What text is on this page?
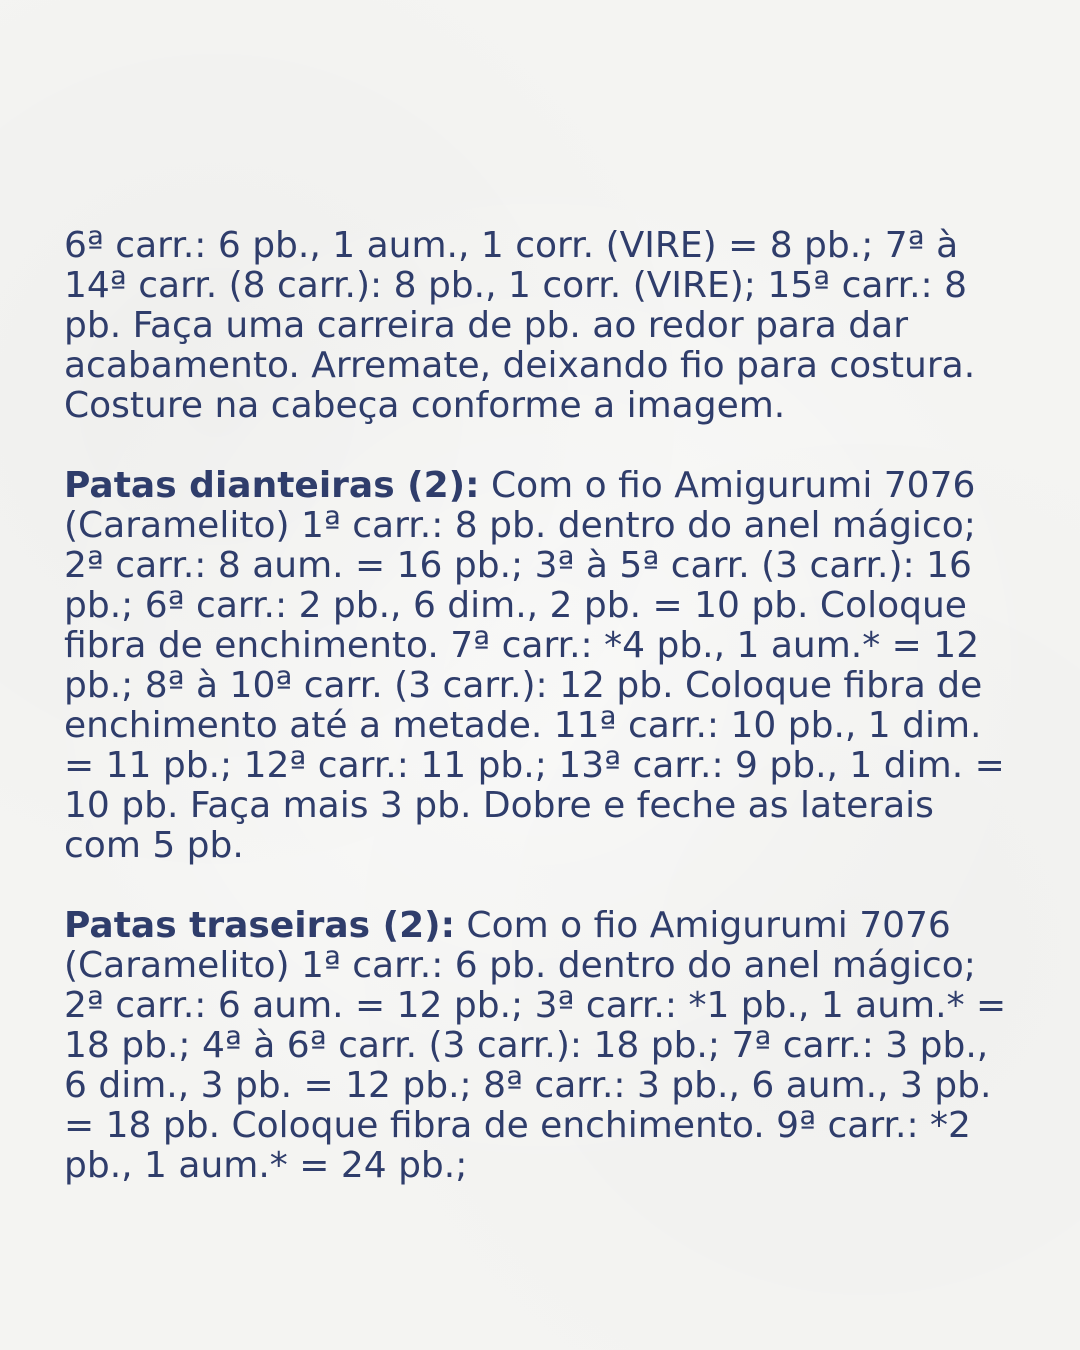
6ª carr.: 6 pb., 1 aum., 1 corr. (VIRE) = 8 pb.; 7ª à 14ª carr. (8 carr.): 8 pb., 1 corr. (VIRE); 15ª carr.: 8 pb. Faça uma carreira de pb. ao redor para dar acabamento. Arremate, deixando fio para costura. Costure na cabeça conforme a imagem.

Patas dianteiras (2): Com o fio Amigurumi 7076 (Caramelito) 1ª carr.: 8 pb. dentro do anel mágico; 2ª carr.: 8 aum. = 16 pb.; 3ª à 5ª carr. (3 carr.): 16 pb.; 6ª carr.: 2 pb., 6 dim., 2 pb. = 10 pb. Coloque fibra de enchimento. 7ª carr.: *4 pb., 1 aum.* = 12 pb.; 8ª à 10ª carr. (3 carr.): 12 pb. Coloque fibra de enchimento até a metade. 11ª carr.: 10 pb., 1 dim. = 11 pb.; 12ª carr.: 11 pb.; 13ª carr.: 9 pb., 1 dim. = 10 pb. Faça mais 3 pb. Dobre e feche as laterais com 5 pb.

Patas traseiras (2): Com o fio Amigurumi 7076 (Caramelito) 1ª carr.: 6 pb. dentro do anel mágico; 2ª carr.: 6 aum. = 12 pb.; 3ª carr.: *1 pb., 1 aum.* = 18 pb.; 4ª à 6ª carr. (3 carr.): 18 pb.; 7ª carr.: 3 pb., 6 dim., 3 pb. = 12 pb.; 8ª carr.: 3 pb., 6 aum., 3 pb. = 18 pb. Coloque fibra de enchimento. 9ª carr.: *2 pb., 1 aum.* = 24 pb.;
